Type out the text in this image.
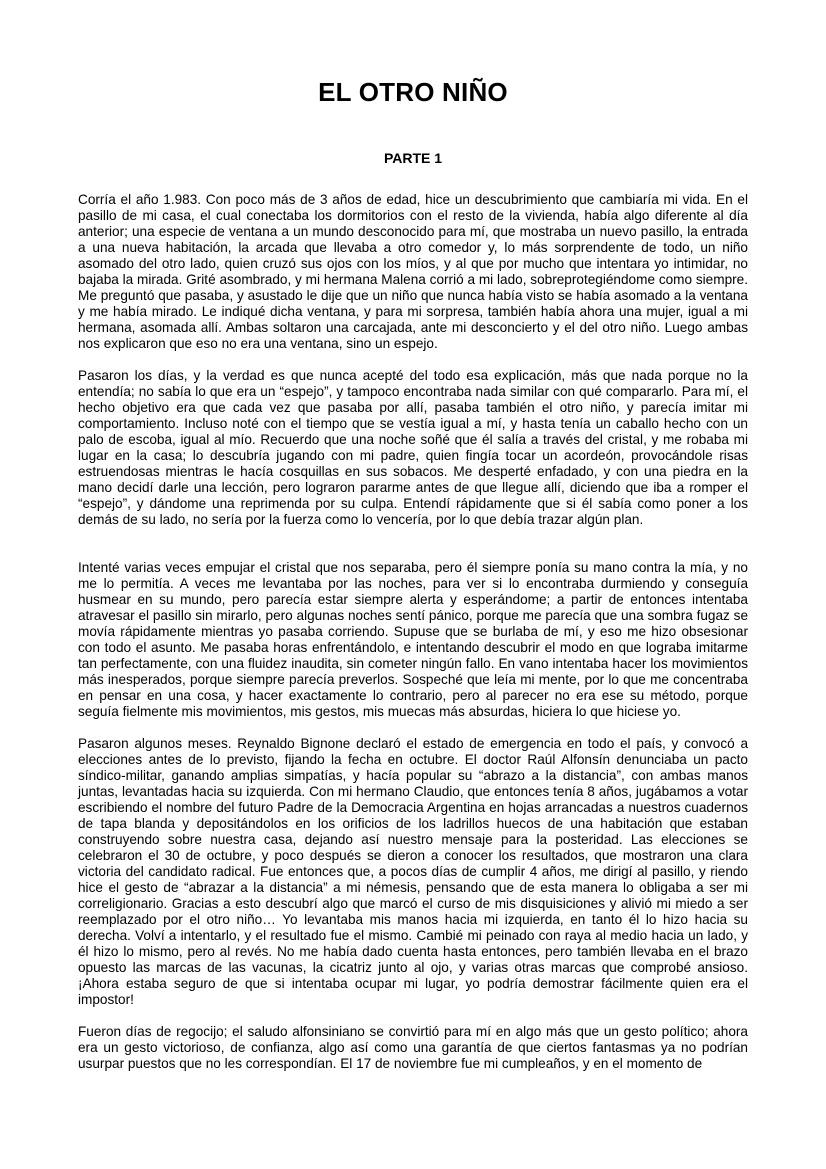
EL OTRO NIÑO
PARTE 1

Corría el año 1.983. Con poco más de 3 años de edad, hice un descubrimiento que cambiaría mi vida. En el pasillo de mi casa, el cual conectaba los dormitorios con el resto de la vivienda, había algo diferente al día anterior; una especie de ventana a un mundo desconocido para mí, que mostraba un nuevo pasillo, la entrada a una nueva habitación, la arcada que llevaba a otro comedor y, lo más sorprendente de todo, un niño asomado del otro lado, quien cruzó sus ojos con los míos, y al que por mucho que intentara yo intimidar, no bajaba la mirada. Grité asombrado, y mi hermana Malena corrió a mi lado, sobreprotegiéndome como siempre. Me preguntó que pasaba, y asustado le dije que un niño que nunca había visto se había asomado a la ventana y me había mirado. Le indiqué dicha ventana, y para mi sorpresa, también había ahora una mujer, igual a mi hermana, asomada allí. Ambas soltaron una carcajada, ante mi desconcierto y el del otro niño. Luego ambas nos explicaron que eso no era una ventana, sino un espejo.

Pasaron los días, y la verdad es que nunca acepté del todo esa explicación, más que nada porque no la entendía; no sabía lo que era un “espejo”, y tampoco encontraba nada similar con qué compararlo. Para mí, el hecho objetivo era que cada vez que pasaba por allí, pasaba también el otro niño, y parecía imitar mi comportamiento. Incluso noté con el tiempo que se vestía igual a mí, y hasta tenía un caballo hecho con un palo de escoba, igual al mío. Recuerdo que una noche soñé que él salía a través del cristal, y me robaba mi lugar en la casa; lo descubría jugando con mi padre, quien fingía tocar un acordeón, provocándole risas estruendosas mientras le hacía cosquillas en sus sobacos. Me desperté enfadado, y con una piedra en la mano decidí darle una lección, pero lograron pararme antes de que llegue allí, diciendo que iba a romper el “espejo”, y dándome una reprimenda por su culpa. Entendí rápidamente que si él sabía como poner a los demás de su lado, no sería por la fuerza como lo vencería, por lo que debía trazar algún plan.

Intenté varias veces empujar el cristal que nos separaba, pero él siempre ponía su mano contra la mía, y no me lo permitía. A veces me levantaba por las noches, para ver si lo encontraba durmiendo y conseguía husmear en su mundo, pero parecía estar siempre alerta y esperándome; a partir de entonces intentaba atravesar el pasillo sin mirarlo, pero algunas noches sentí pánico, porque me parecía que una sombra fugaz se movía rápidamente mientras yo pasaba corriendo. Supuse que se burlaba de mí, y eso me hizo obsesionar con todo el asunto. Me pasaba horas enfrentándolo, e intentando descubrir el modo en que lograba imitarme tan perfectamente, con una fluidez inaudita, sin cometer ningún fallo. En vano intentaba hacer los movimientos más inesperados, porque siempre parecía preverlos. Sospeché que leía mi mente, por lo que me concentraba en pensar en una cosa, y hacer exactamente lo contrario, pero al parecer no era ese su método, porque seguía fielmente mis movimientos, mis gestos, mis muecas más absurdas, hiciera lo que hiciese yo.

Pasaron algunos meses. Reynaldo Bignone declaró el estado de emergencia en todo el país, y convocó a elecciones antes de lo previsto, fijando la fecha en octubre. El doctor Raúl Alfonsín denunciaba un pacto síndico-militar, ganando amplias simpatías, y hacía popular su “abrazo a la distancia”, con ambas manos juntas, levantadas hacia su izquierda. Con mi hermano Claudio, que entonces tenía 8 años, jugábamos a votar escribiendo el nombre del futuro Padre de la Democracia Argentina en hojas arrancadas a nuestros cuadernos de tapa blanda y depositándolos en los orificios de los ladrillos huecos de una habitación que estaban construyendo sobre nuestra casa, dejando así nuestro mensaje para la posteridad. Las elecciones se celebraron el 30 de octubre, y poco después se dieron a conocer los resultados, que mostraron una clara victoria del candidato radical. Fue entonces que, a pocos días de cumplir 4 años, me dirigí al pasillo, y riendo hice el gesto de “abrazar a la distancia” a mi némesis, pensando que de esta manera lo obligaba a ser mi correligionario. Gracias a esto descubrí algo que marcó el curso de mis disquisiciones y alivió mi miedo a ser reemplazado por el otro niño… Yo levantaba mis manos hacia mi izquierda, en tanto él lo hizo hacia su derecha. Volví a intentarlo, y el resultado fue el mismo. Cambié mi peinado con raya al medio hacia un lado, y él hizo lo mismo, pero al revés. No me había dado cuenta hasta entonces, pero también llevaba en el brazo opuesto las marcas de las vacunas, la cicatriz junto al ojo, y varias otras marcas que comprobé ansioso. ¡Ahora estaba seguro de que si intentaba ocupar mi lugar, yo podría demostrar fácilmente quien era el impostor!

Fueron días de regocijo; el saludo alfonsiniano se convirtió para mí en algo más que un gesto político; ahora era un gesto victorioso, de confianza, algo así como una garantía de que ciertos fantasmas ya no podrían usurpar puestos que no les correspondían. El 17 de noviembre fue mi cumpleaños, y en el momento de
